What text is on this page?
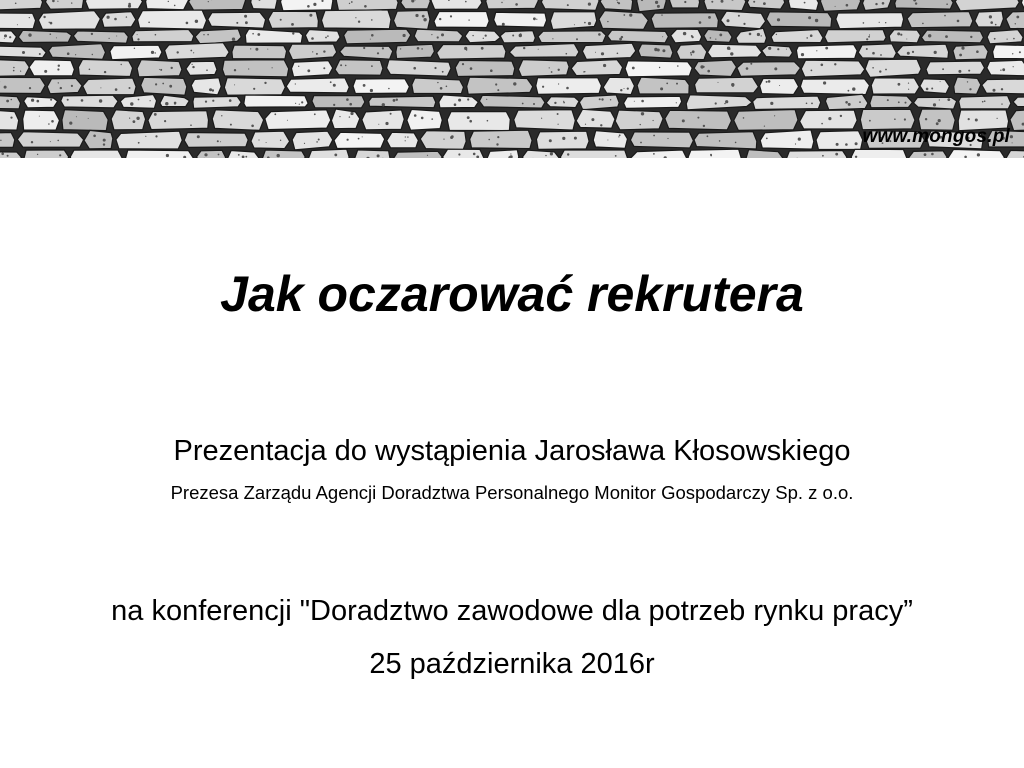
www.mongos.pl
Jak oczarować rekrutera
Prezentacja do wystąpienia Jarosława Kłosowskiego
Prezesa Zarządu Agencji Doradztwa Personalnego Monitor Gospodarczy Sp. z o.o.
na konferencji "Doradztwo zawodowe dla potrzeb rynku pracy”
25 października 2016r
